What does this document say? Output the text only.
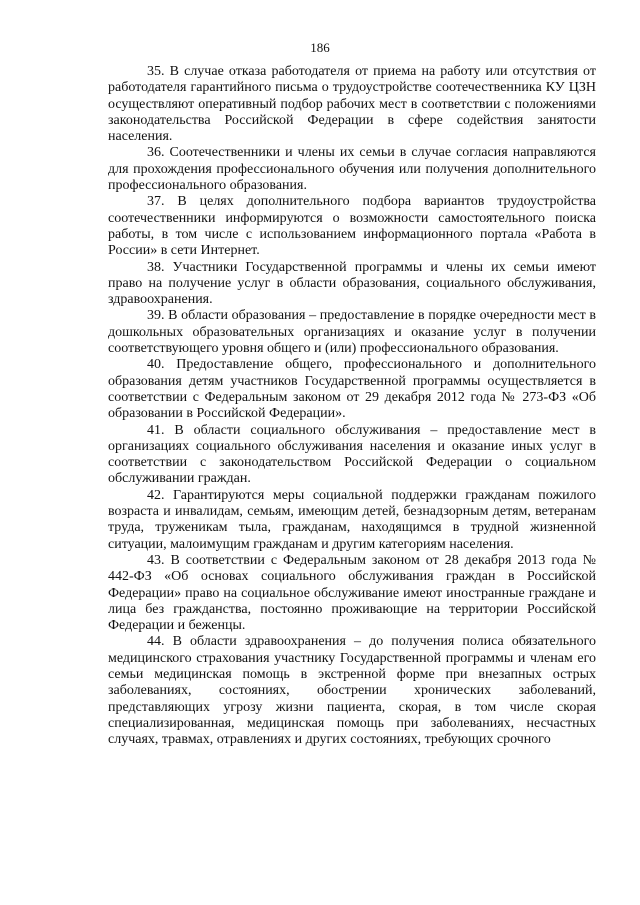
186

35. В случае отказа работодателя от приема на работу или отсутствия от работодателя гарантийного письма о трудоустройстве соотечественника КУ ЦЗН осуществляют оперативный подбор рабочих мест в соответствии с положениями законодательства Российской Федерации в сфере содействия занятости населения.

36. Соотечественники и члены их семьи в случае согласия направляются для прохождения профессионального обучения или получения дополнительного профессионального образования.

37. В целях дополнительного подбора вариантов трудоустройства соотечественники информируются о возможности самостоятельного поиска работы, в том числе с использованием информационного портала «Работа в России» в сети Интернет.

38. Участники Государственной программы и члены их семьи имеют право на получение услуг в области образования, социального обслуживания, здравоохранения.

39. В области образования – предоставление в порядке очередности мест в дошкольных образовательных организациях и оказание услуг в получении соответствующего уровня общего и (или) профессионального образования.

40. Предоставление общего, профессионального и дополнительного образования детям участников Государственной программы осуществляется в соответствии с Федеральным законом от 29 декабря 2012 года № 273-ФЗ «Об образовании в Российской Федерации».

41. В области социального обслуживания – предоставление мест в организациях социального обслуживания населения и оказание иных услуг в соответствии с законодательством Российской Федерации о социальном обслуживании граждан.

42. Гарантируются меры социальной поддержки гражданам пожилого возраста и инвалидам, семьям, имеющим детей, безнадзорным детям, ветеранам труда, труженикам тыла, гражданам, находящимся в трудной жизненной ситуации, малоимущим гражданам и другим категориям населения.

43. В соответствии с Федеральным законом от 28 декабря 2013 года № 442-ФЗ «Об основах социального обслуживания граждан в Российской Федерации» право на социальное обслуживание имеют иностранные граждане и лица без гражданства, постоянно проживающие на территории Российской Федерации и беженцы.

44. В области здравоохранения – до получения полиса обязательного медицинского страхования участнику Государственной программы и членам его семьи медицинская помощь в экстренной форме при внезапных острых заболеваниях, состояниях, обострении хронических заболеваний, представляющих угрозу жизни пациента, скорая, в том числе скорая специализированная, медицинская помощь при заболеваниях, несчастных случаях, травмах, отравлениях и других состояниях, требующих срочного
